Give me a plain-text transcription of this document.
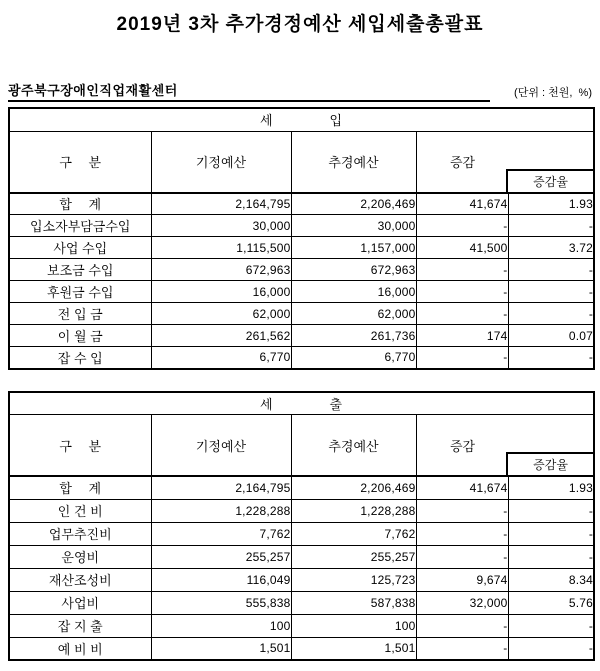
2019년 3차 추가경정예산 세입세출총괄표
광주북구장애인직업재활센터	(단위 : 천원,  %)
세　　　　입				
구　 분	기정예산	추경예산	증감

증감율	

합　 계	2,164,795	2,206,469	41,674	1.93
입소자부담금수입	30,000	30,000	-	-
사업 수입	1,115,500	1,157,000	41,500	3.72
보조금 수입	672,963	672,963	-	-
후원금 수입	16,000	16,000	-	-
전 입 금	62,000	62,000	-	-
이 월 금	261,562	261,736	174	0.07
잡 수 입	6,770	6,770	-	-
세　　　　출				
구　 분	기정예산	추경예산	증감

증감율	

합　 계	2,164,795	2,206,469	41,674	1.93
인 건 비	1,228,288	1,228,288	-	-
업무추진비	7,762	7,762	-	-
운영비	255,257	255,257	-	-
재산조성비	116,049	125,723	9,674	8.34
사업비	555,838	587,838	32,000	5.76
잡 지 출	100	100	-	-
예 비 비	1,501	1,501	-	-
